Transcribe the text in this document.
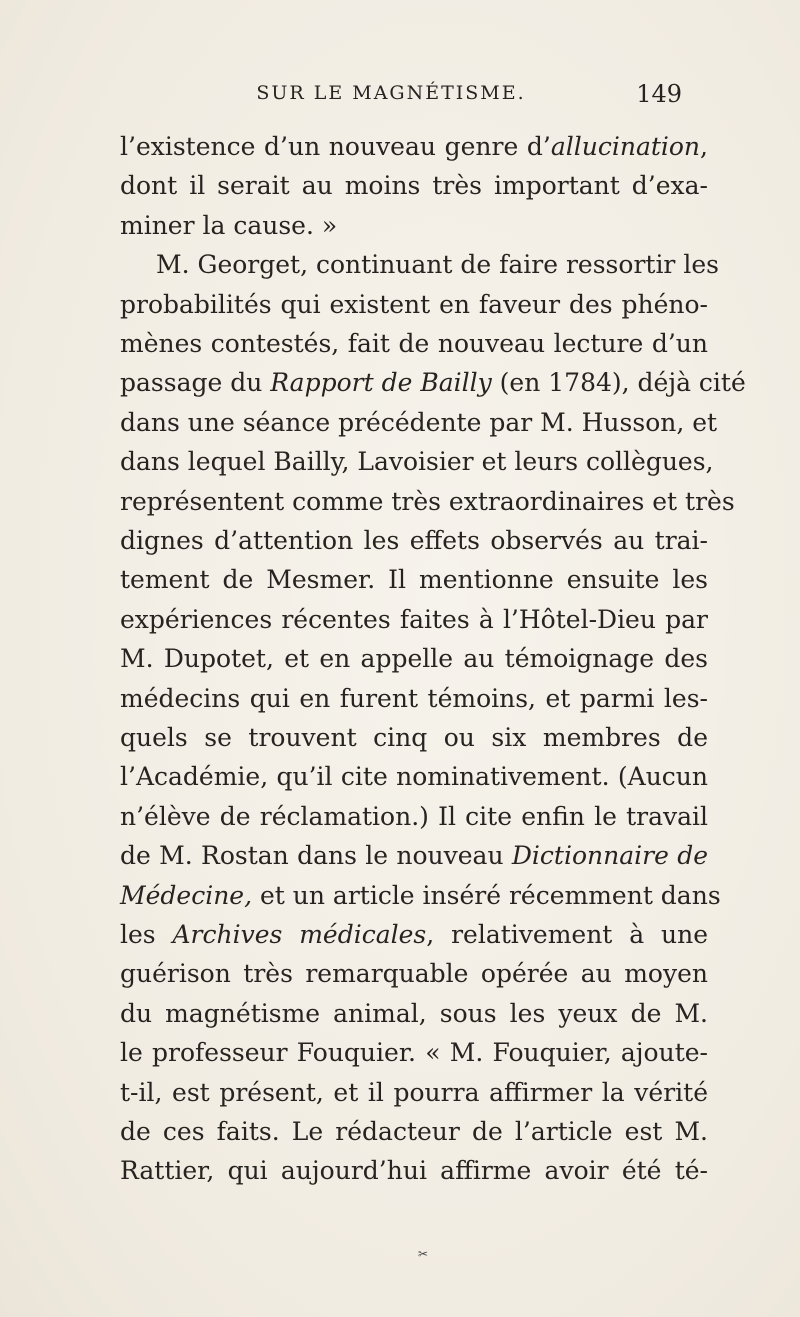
SUR LE MAGNÉTISME.	149
l’existence d’un nouveau genre d’allucination,
dont il serait au moins très important d’exa-
miner la cause. »
M. Georget, continuant de faire ressortir les
probabilités qui existent en faveur des phéno-
mènes contestés, fait de nouveau lecture d’un
passage du Rapport de Bailly (en 1784), déjà cité
dans une séance précédente par M. Husson, et
dans lequel Bailly, Lavoisier et leurs collègues,
représentent comme très extraordinaires et très
dignes d’attention les effets observés au trai-
tement de Mesmer. Il mentionne ensuite les
expériences récentes faites à l’Hôtel-Dieu par
M. Dupotet, et en appelle au témoignage des
médecins qui en furent témoins, et parmi les-
quels se trouvent cinq ou six membres de
l’Académie, qu’il cite nominativement. (Aucun
n’élève de réclamation.) Il cite enfin le travail
de M. Rostan dans le nouveau Dictionnaire de
Médecine, et un article inséré récemment dans
les Archives médicales, relativement à une
guérison très remarquable opérée au moyen
du magnétisme animal, sous les yeux de M.
le professeur Fouquier. « M. Fouquier, ajoute-
t-il, est présent, et il pourra affirmer la vérité
de ces faits. Le rédacteur de l’article est M.
Rattier, qui aujourd’hui affirme avoir été té-
✂
